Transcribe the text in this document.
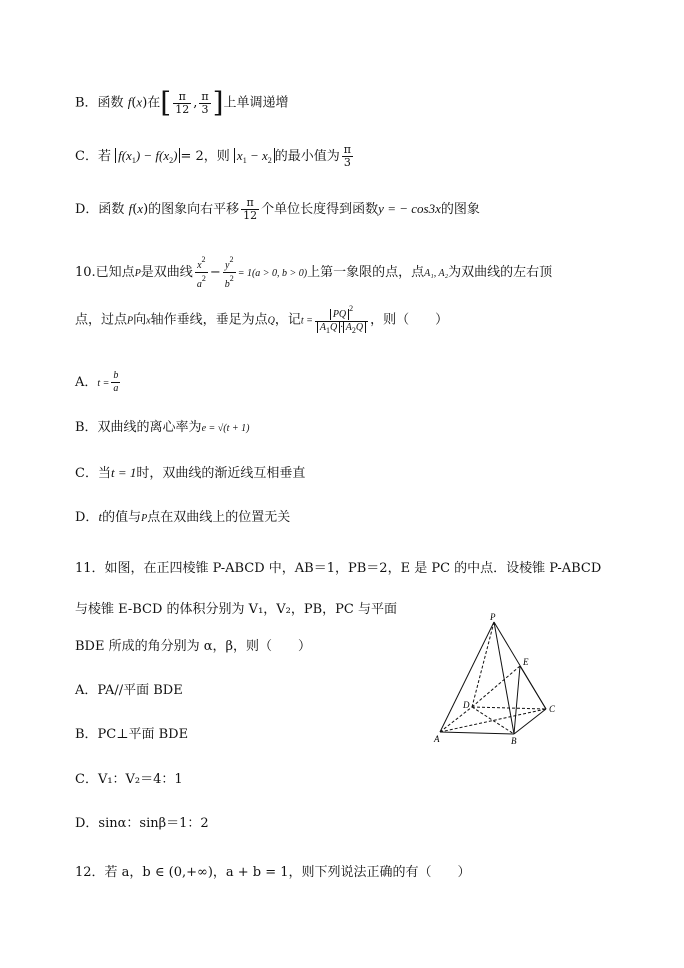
B．函数 f(x)在[ $\frac{\pi}{12}$ , $\frac{\pi}{3}$ ]上单调递增
C．若 $f(x_1) - f(x_2) = 2$，则 $x_1 - x_2$ 的最小值为 $\frac{\pi}{3}$
D．函数 f(x)的图象向右平移 $\frac{\pi}{12}$ 个单位长度得到函数y = − cos3x的图象
10.已知点P是双曲线 $\frac{x^2}{a^2} - \frac{y^2}{b^2} = 1(a > 0$, b > 0)上第一象限的点，点A₁, A₂为双曲线的左右顶
点，过点P向x轴作垂线，垂足为点Q，记$t = \frac{PQ^2}{A_1Q \cdot A_2Q}$ ，则（　　）
A．$t = \frac{b}{a}$
B．双曲线的离心率为e = √(t + 1)
C．当t = 1时，双曲线的渐近线互相垂直
D．t的值与P点在双曲线上的位置无关
11．如图，在正四棱锥 P-ABCD 中，AB＝1，PB＝2，E 是 PC 的中点．设棱锥 P-ABCD
与棱锥 E-BCD 的体积分别为 V₁，V₂，PB，PC 与平面
BDE 所成的角分别为 α，β，则（　　）
A．PA//平面 BDE
B．PC⊥平面 BDE
C．V₁：V₂＝4：1
D．sinα：sinβ＝1：2
P
E
D	C
A	B
12．若 a，b ∈ (0,+∞)，a + b = 1，则下列说法正确的有（　　）
